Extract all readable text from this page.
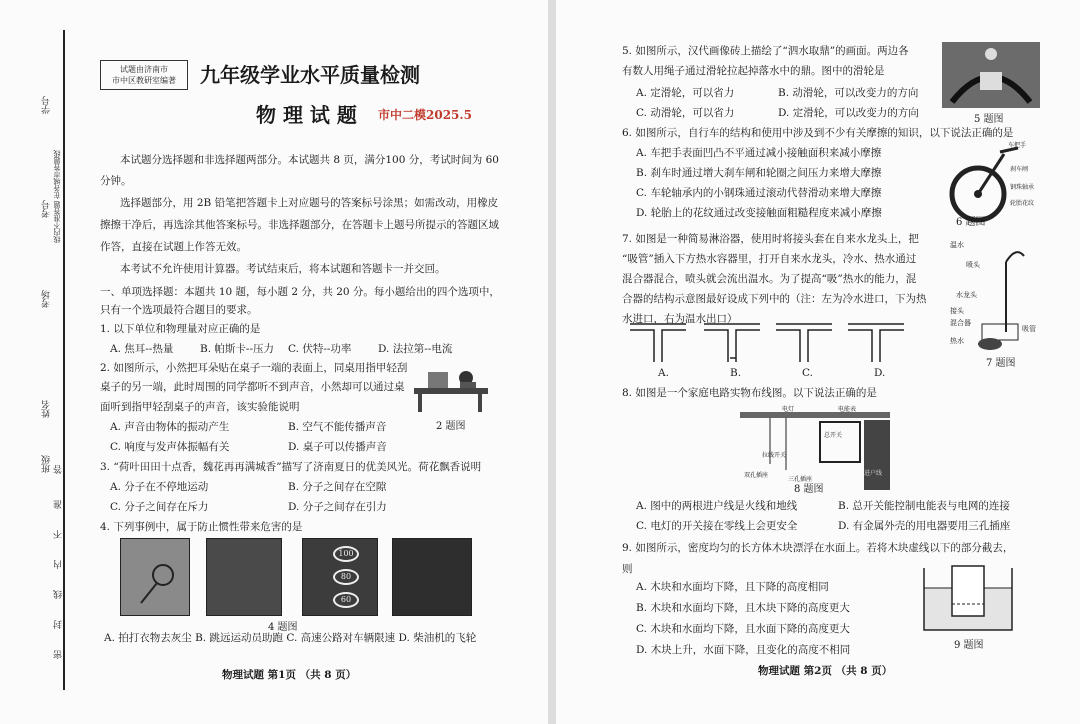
学号
考号 线内不准答题 在各城市答题线
考场
姓名
班级 答
准
不
内
线
封
密
试题由济南市
市中区教研室编著	九年级学业水平质量检测
物 理 试 题 市中二模2025.5
本试题分选择题和非选择题两部分。本试题共 8 页，满分100 分，考试时间为 60
分钟。
选择题部分，用 2B 铅笔把答题卡上对应题号的答案标号涂黑；如需改动，用橡皮
擦擦干净后，再选涂其他答案标号。非选择题部分，在答题卡上题号所提示的答题区域
作答，直接在试题上作答无效。
本考试不允许使用计算器。考试结束后，将本试题和答题卡一并交回。
一、单项选择题：本题共 10 题，每小题 2 分，共 20 分。每小题给出的四个选项中，
只有一个选项最符合题目的要求。
1. 以下单位和物理量对应正确的是
A. 焦耳--热量	B. 帕斯卡--压力 C. 伏特--功率	D. 法拉第--电流
2. 如图所示，小然把耳朵贴在桌子一端的表面上，同桌用指甲轻刮
桌子的另一端，此时周围的同学都听不到声音，小然却可以通过桌
面听到指甲轻刮桌子的声音，该实验能说明
2 题图
A. 声音由物体的振动产生	B. 空气不能传播声音
C. 响度与发声体振幅有关	D. 桌子可以传播声音
3. “荷叶田田十点香，魏花再再满城香”描写了济南夏日的优美风光。荷花飘香说明
A. 分子在不停地运动	B. 分子之间存在空隙
C. 分子之间存在斥力	D. 分子之间存在引力
4. 下列事例中，属于防止惯性带来危害的是
100
80
60
4 题图
A. 拍打衣物去灰尘 B. 跳远运动员助跑 C. 高速公路对车辆限速 D. 柴油机的飞轮
物理试题 第1页 （共 8 页）
5. 如图所示，汉代画像砖上描绘了“泗水取鼎”的画面。两边各
有数人用绳子通过滑轮拉起掉落水中的鼎。图中的滑轮是
A. 定滑轮，可以省力	B. 动滑轮，可以改变力的方向
C. 动滑轮，可以省力	D. 定滑轮，可以改变力的方向
5 题图
6. 如图所示，自行车的结构和使用中涉及到不少有关摩擦的知识，以下说法正确的是
A. 车把手表面凹凸不平通过减小接触面积来减小摩擦
B. 刹车时通过增大刹车闸和轮圈之间压力来增大摩擦
C. 车轮轴承内的小钢珠通过滚动代替滑动来增大摩擦
D. 轮胎上的花纹通过改变接触面粗糙程度来减小摩擦
车把手
刹车闸
钢珠轴承
轮胎花纹
6 题图
7. 如图是一种简易淋浴器，使用时将接头套在自来水龙头上，把
“吸管”插入下方热水容器里，打开自来水龙头，冷水、热水通过
混合器混合，喷头就会流出温水。为了提高“吸”热水的能力，混
合器的结构示意图最好设成下列中的（注：左为冷水进口，下为热
水进口，右为温水出口）
A.	B.	C.	D.
温水
喷头
水龙头
接头
混合器
吸管
热水
7 题图
8. 如图是一个家庭电路实物布线图。以下说法正确的是
电灯	电能表
总开关
进户线
拉线开关
双孔插座
三孔插座
8 题图
A. 图中的两根进户线是火线和地线	B. 总开关能控制电能表与电网的连接
C. 电灯的开关接在零线上会更安全	D. 有金属外壳的用电器要用三孔插座
9. 如图所示，密度均匀的长方体木块漂浮在水面上。若将木块虚线以下的部分截去，
则
A. 木块和水面均下降，且下降的高度相同
B. 木块和水面均下降，且木块下降的高度更大
C. 木块和水面均下降，且水面下降的高度更大
D. 木块上升，水面下降，且变化的高度不相同	9 题图
物理试题 第2页 （共 8 页）
